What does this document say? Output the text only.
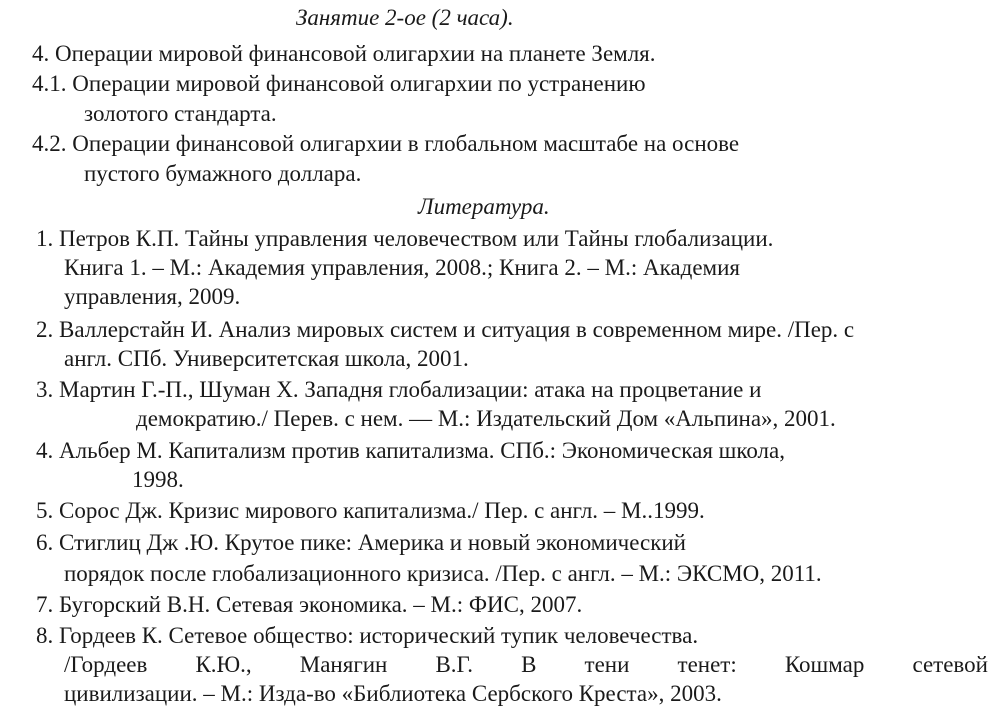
Занятие 2-ое (2 часа).
4. Операции мировой финансовой олигархии на планете Земля.
4.1. Операции мировой финансовой олигархии по устранению
золотого стандарта.
4.2. Операции финансовой олигархии в глобальном масштабе на основе
пустого бумажного доллара.
Литература.
1. Петров К.П. Тайны управления человечеством или Тайны глобализации.
Книга 1. – М.: Академия управления, 2008.; Книга 2. – М.: Академия
управления, 2009.
2. Валлерстайн И. Анализ мировых систем и ситуация в современном мире. /Пер. с
англ. СПб. Университетская школа, 2001.
3. Мартин Г.-П., Шуман Х. Западня глобализации: атака на процветание и
демократию./ Перев. с нем. — М.: Издательский Дом «Альпина», 2001.
4. Альбер М. Капитализм против капитализма. СПб.: Экономическая школа,
1998.
5. Сорос Дж. Кризис мирового капитализма./ Пер. с англ. – М..1999.
6. Стиглиц Дж .Ю. Крутое пике: Америка и новый экономический
порядок после глобализационного кризиса. /Пер. с англ. – М.: ЭКСМО, 2011.
7. Бугорский В.Н. Сетевая экономика. – М.: ФИС, 2007.
8. Гордеев К. Сетевое общество: исторический тупик человечества.
/Гордеев К.Ю., Манягин В.Г. В тени тенет: Кошмар сетевой
цивилизации. – М.: Изда-во «Библиотека Сербского Креста», 2003.
